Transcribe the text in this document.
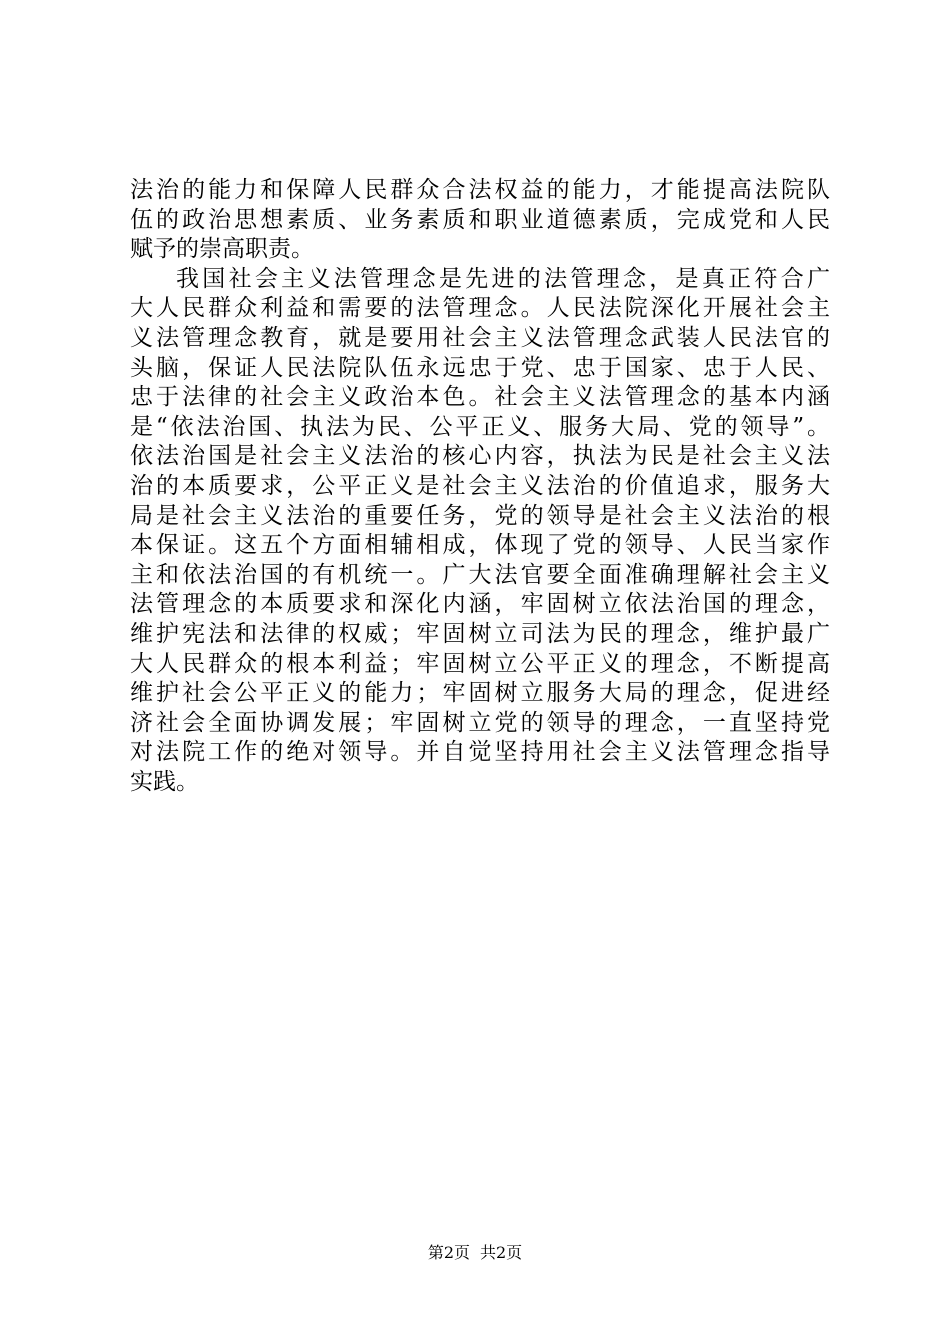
法治的能力和保障人民群众合法权益的能力，才能提高法院队
伍的政治思想素质、业务素质和职业道德素质，完成党和人民
赋予的崇高职责。
我国社会主义法管理念是先进的法管理念，是真正符合广
大人民群众利益和需要的法管理念。人民法院深化开展社会主
义法管理念教育，就是要用社会主义法管理念武装人民法官的
头脑，保证人民法院队伍永远忠于党、忠于国家、忠于人民、
忠于法律的社会主义政治本色。社会主义法管理念的基本内涵
是“依法治国、执法为民、公平正义、服务大局、党的领导”。
依法治国是社会主义法治的核心内容，执法为民是社会主义法
治的本质要求，公平正义是社会主义法治的价值追求，服务大
局是社会主义法治的重要任务，党的领导是社会主义法治的根
本保证。这五个方面相辅相成，体现了党的领导、人民当家作
主和依法治国的有机统一。广大法官要全面准确理解社会主义
法管理念的本质要求和深化内涵，牢固树立依法治国的理念，
维护宪法和法律的权威；牢固树立司法为民的理念，维护最广
大人民群众的根本利益；牢固树立公平正义的理念，不断提高
维护社会公平正义的能力；牢固树立服务大局的理念，促进经
济社会全面协调发展；牢固树立党的领导的理念，一直坚持党
对法院工作的绝对领导。并自觉坚持用社会主义法管理念指导
实践。
第2页 共2页
